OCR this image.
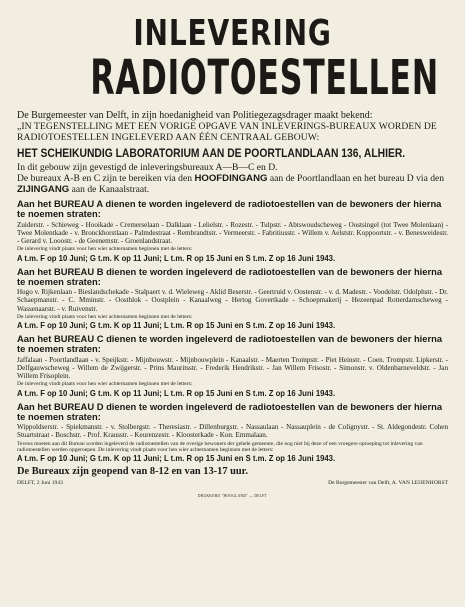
INLEVERING
RADIOTOESTELLEN

De Burgemeester van Delft, in zijn hoedanigheid van Politiegezagsdrager maakt bekend:

„IN TEGENSTELLING MET EEN VORIGE OPGAVE VAN INLEVERINGS-BUREAUX WORDEN DE RADIOTOESTELLEN INGELEVERD AAN ÉÉN CENTRAAL GEBOUW:

HET SCHEIKUNDIG LABORATORIUM AAN DE POORTLANDLAAN 136, ALHIER.

In dit gebouw zijn gevestigd de inleveringsbureaux A—B—C en D.

De bureaux A-B en C zijn te bereiken via den HOOFDINGANG aan de Poortlandlaan en het bureau D via den ZIJINGANG aan de Kanaalstraat.

Aan het BUREAU A dienen te worden ingeleverd de radiotoestellen van de bewoners der hierna te noemen straten:

Zuiderstr. - Schieweg - Hooikade - Cremerselaan - Dalklaan - Lelielstr. - Rozestr. - Tulpstr. - Abtswoudscheweg - Oostsingel (tot Twee Molenlaan) - Twee Molentkade - v. Bronckhorstlaan - Palmdestraat - Rembrandtstr. - Vermeerstr. - Fabritiusstr. - Willem v. Aelststr. Koppoortstr. - v. Benesweidestr. - Gerard v. Looostr. - de Geenemstr. - Groenlandstraat.

De inlevering vindt plaats voor hen wier achternamen beginnen met de letters:

A t.m. F op 10 Juni; G t.m. K op 11 Juni; L t.m. R op 15 Juni en S t.m. Z op 16 Juni 1943.

Aan het BUREAU B dienen te worden ingeleverd de radiotoestellen van de bewoners der hierna te noemen straten:

Hugo v. Rijkenlaan - Bieslandschekade - Stalpaert v. d. Wieleweg - Aklid Beserstr. - Geertruid v. Oostenstr. - v. d. Madestr. - Voodelstr. Odolphstr. - Dr. Schaepmanstr. - C. Mminstr. - Oosthlok - Oostplein - Kanaalweg - Hertog Govertkade - Schoepmakerij - Hezeenpad Rotterdamscheweg - Wassenaarstr. - v. Ruivenstr.

De inlevering vindt plaats voor hen wier achternamen beginnen met de letters:

A t.m. F op 10 Juni; G t.m. K op 11 Juni; L t.m. R op 15 Juni en S t.m. Z op 16 Juni 1943.

Aan het BUREAU C dienen te worden ingeleverd de radiotoestellen van de bewoners der hierna te noemen straten:

Jaffalaan - Poortlandlaan - v. Speijkstr. - Mijnbouwstr. - Mijnbouwplein - Kanaalstr. - Maerten Trompstr. - Piet Heinstr. - Coen. Trompstr. Lipkerstr. - Delfgauwscheweg - Willem de Zwijgerstr. - Prins Mauritsstr. - Frederik Hendrikstr. - Jan Willem Frisostr. - Simonstr. v. Oldenbarneveldstr. - Jan Willem Frisoplein.

De inlevering vindt plaats voor hen wier achternamen beginnen met de letters:

A t.m. F op 10 Juni; G t.m. K op 11 Juni; L t.m. R op 15 Juni en S t.m. Z op 16 Juni 1943.

Aan het BUREAU D dienen te worden ingeleverd de radiotoestellen van de bewoners der hierna te noemen straten:

Wippoldserstr. - Spiekmanstr. - v. Stolbergstr. - Theresiastr. - Dillenburgstr. - Nassaulaan - Nassauplein - de Colignystr. - St. Aldegondestr. Cohen Stuartstraat - Boschstr. - Prof. Krausstr. - Keurenzestr. - Kloosterkade - Kon. Emmalaan.

Tevens moeten aan dit Bureau worden ingeleverd de radiotoestellen van de overige bewoners der gehele gemeente, die nog niet bij deze of een vroegere oproeping tot inlevering van radiotoestellen werden opgeroepen. De inlevering vindt plaats voor hen wier achternamen beginnen met de letters:

A t.m. F op 10 Juni; G t.m. K op 11 Juni; L t.m. R op 15 Juni en S t.m. Z op 16 Juni 1943.

De Bureaux zijn geopend van 8-12 en van 13-17 uur.

DELFT, 2 Juni 1943	De Burgemeester van Delft, A. VAN LEIJENHORST
DRUKKERIJ "HOOGLAND" — DELFT
